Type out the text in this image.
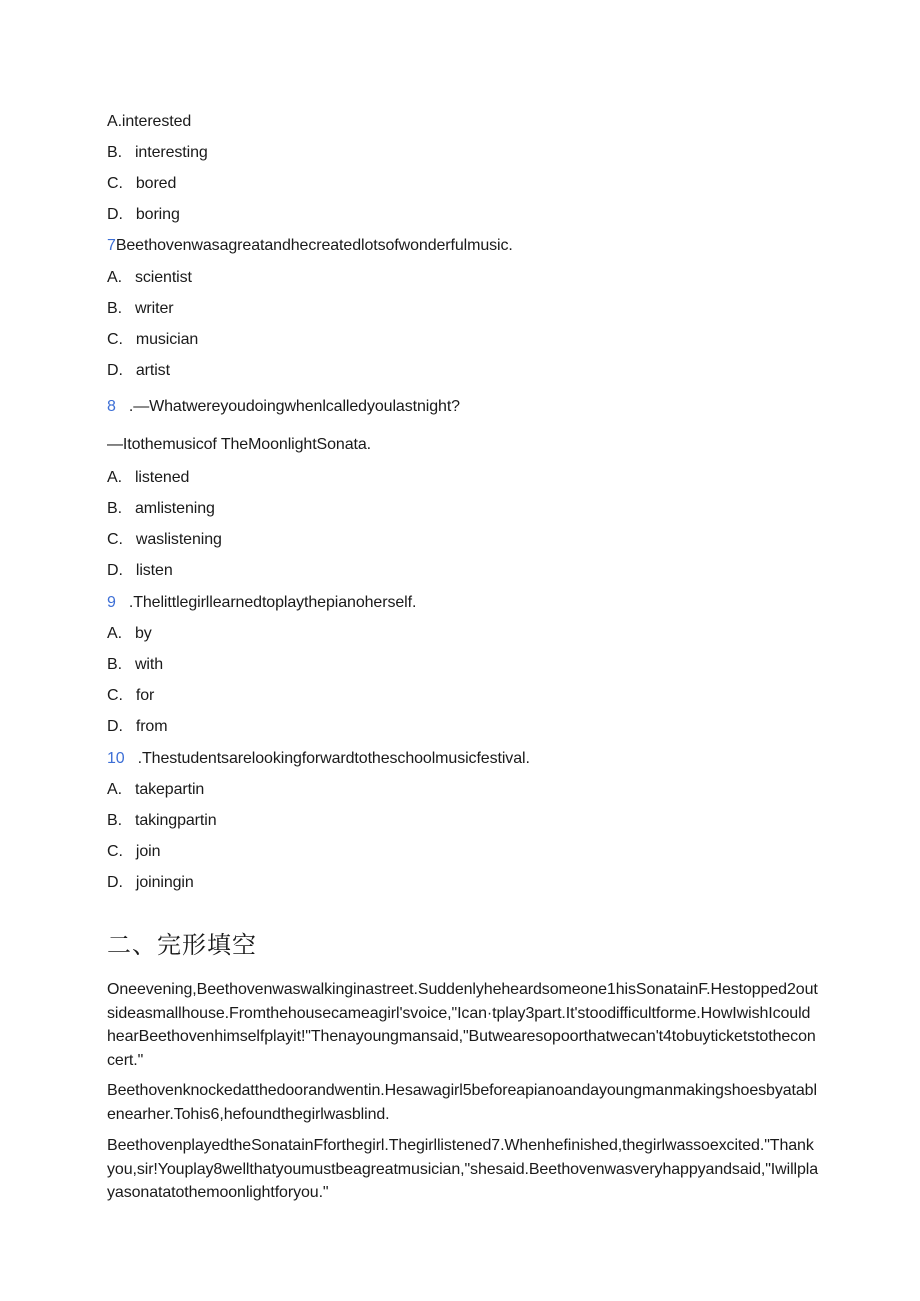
A.interested
B. interesting
C. bored
D. boring
7Beethovenwasagreatandhecreatedlotsofwonderfulmusic.
A. scientist
B. writer
C. musician
D. artist
8 .—Whatwereyoudoingwhenlcalledyoulastnight?
—Itothemusicof TheMoonlightSonata.
A. listened
B. amlistening
C. waslistening
D. listen
9 .Thelittlegirllearnedtoplaythepianoherself.
A. by
B. with
C. for
D. from
10 .Thestudentsarelookingforwardtotheschoolmusicfestival.
A. takepartin
B. takingpartin
C. join
D. joiningin
二、完形填空
Oneevening,Beethovenwaswalkinginastreet.Suddenlyheheardsomeone1hisSonatainF.Hestopped2outsideasmallhouse.Fromthehousecameagirl'svoice,"Ican·tplay3part.It'stoodifficultforme.HowIwishIcouldhearBeethovenhimselfplayit!"Thenayoungmansaid,"Butwearesopoorthatwecan't4tobuyticketstotheconcert."
Beethovenknockedatthedoorandwentin.Hesawagirl5beforeapianoandayoungmanmakingshoesbyatablenearher.Tohis6,hefoundthegirlwasblind.
BeethovenplayedtheSonatainFforthegirl.Thegirllistened7.Whenhefinished,thegirlwassoexcited."Thankyou,sir!Youplay8wellthatyoumustbeagreatmusician,"shesaid.Beethovenwasveryhappyandsaid,"Iwillplayasonatatothemoonlightforyou."
